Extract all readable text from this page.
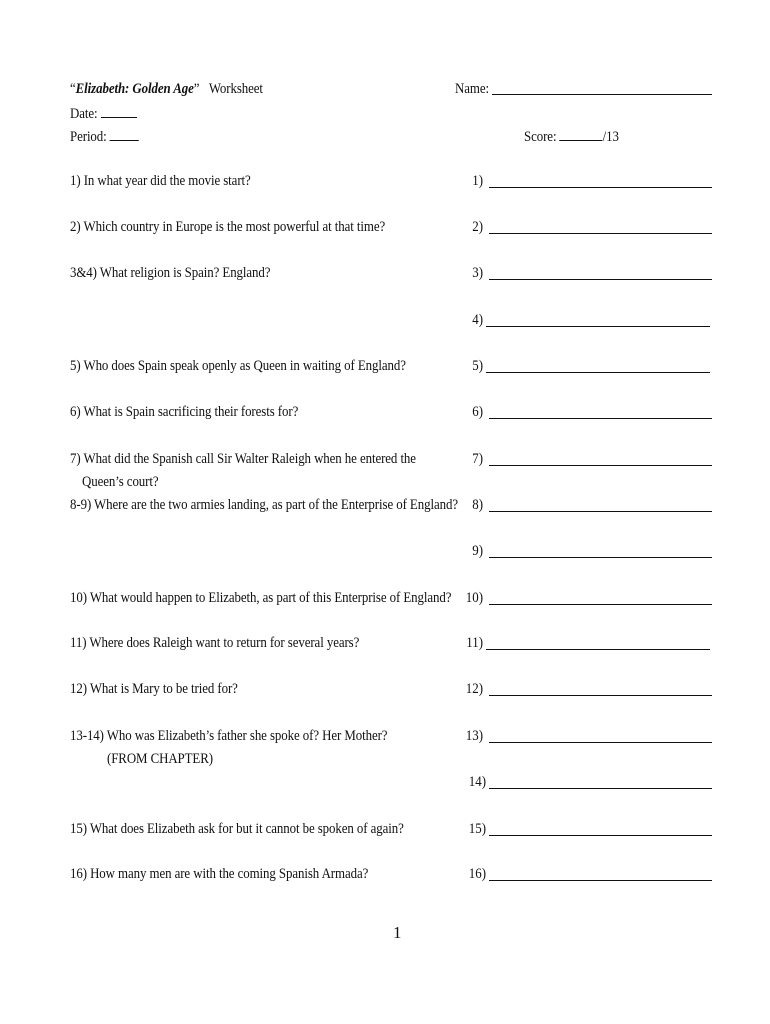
“Elizabeth: Golden Age” Worksheet
Date:
Period:
Name:
Score:	/13
1) In what year did the movie start?
2) Which country in Europe is the most powerful at that time?
3&4) What religion is Spain? England?
5) Who does Spain speak openly as Queen in waiting of England?
6) What is Spain sacrificing their forests for?
7) What did the Spanish call Sir Walter Raleigh when he entered the
Queen’s court?
8-9) Where are the two armies landing, as part of the Enterprise of England?
10) What would happen to Elizabeth, as part of this Enterprise of England?
11) Where does Raleigh want to return for several years?
12) What is Mary to be tried for?
13-14) Who was Elizabeth’s father she spoke of? Her Mother?
(FROM CHAPTER)
15) What does Elizabeth ask for but it cannot be spoken of again?
16) How many men are with the coming Spanish Armada?
1)
2)
3)
4)
5)
6)
7)
8)
9)
10)
11)
12)
13)
14)
15)
16)
1
